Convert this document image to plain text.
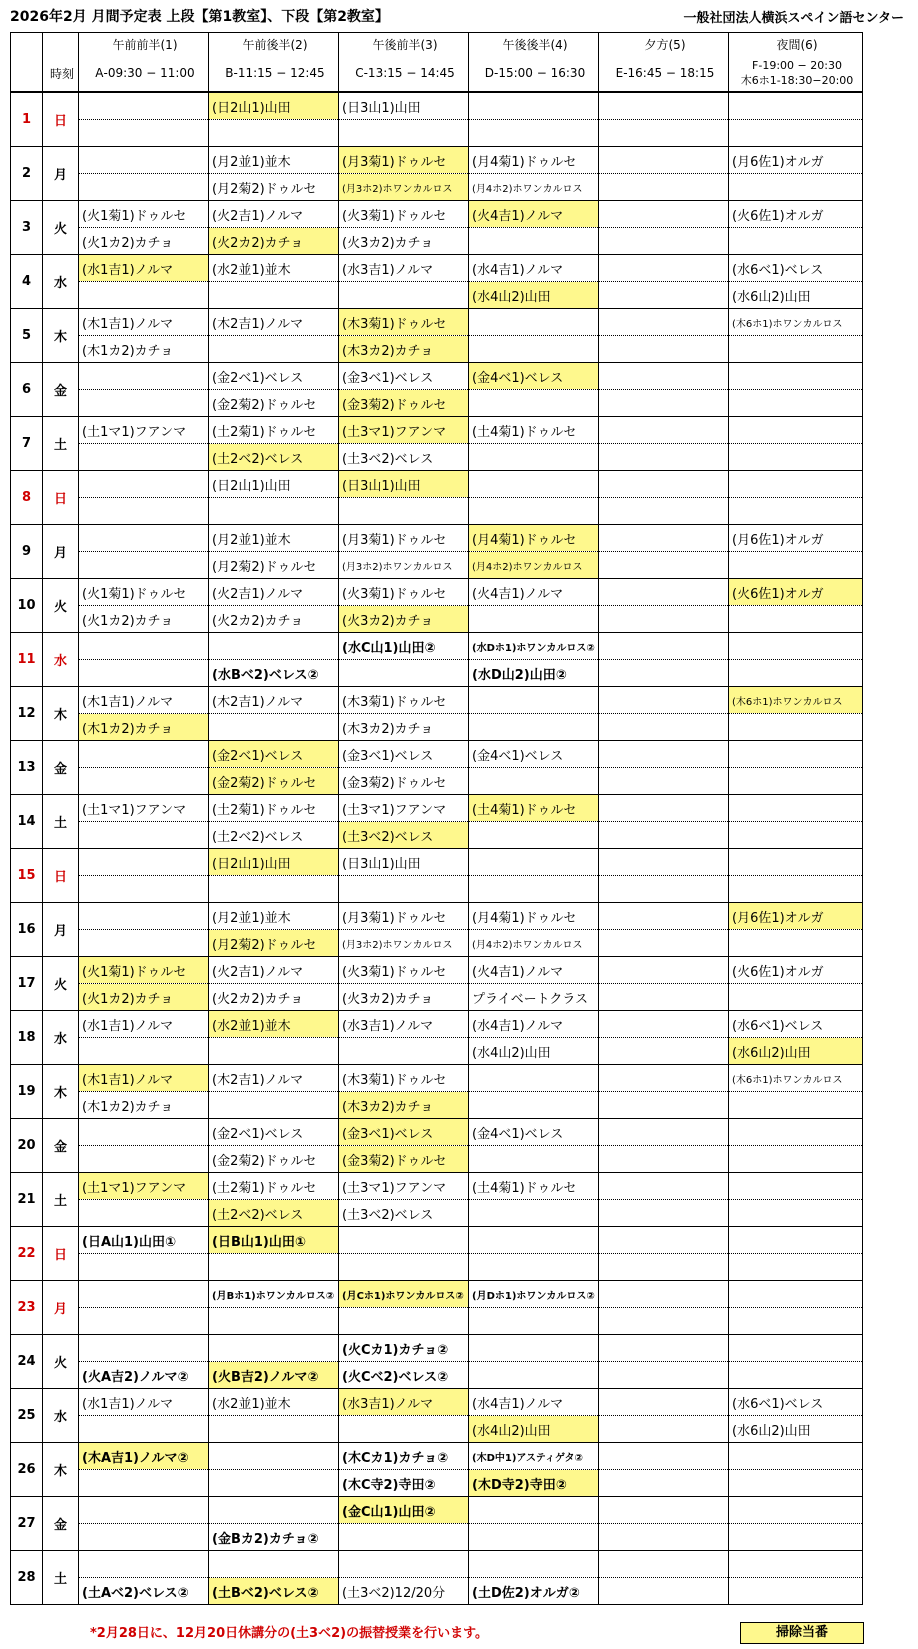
2026年2月 月間予定表 上段【第1教室】、下段【第2教室】	一般社団法人横浜スペイン語センター
		午前前半(1)	午前後半(2)	午後前半(3)	午後後半(4)	夕方(5)	夜間(6)
	時刻	A‐09:30 − 11:00	B‐11:15 − 12:45	C‐13:15 − 14:45	D‐15:00 − 16:30	E‐16:45 − 18:15	F‐19:00 − 20:30
木6ホ1‐18:30−20:00

1	日		(日2山1)山田	(日3山1)山田			

2	月		(月2並1)並木	(月3菊1)ドゥルセ	(月4菊1)ドゥルセ		(月6佐1)オルガ
			(月2菊2)ドゥルセ	(月3ホ2)ホワンカルロス	(月4ホ2)ホワンカルロス		
3	火	(火1菊1)ドゥルセ	(火2吉1)ノルマ	(火3菊1)ドゥルセ	(火4吉1)ノルマ		(火6佐1)オルガ
		(火1カ2)カチョ	(火2カ2)カチョ	(火3カ2)カチョ			
4	水	(水1吉1)ノルマ	(水2並1)並木	(水3吉1)ノルマ	(水4吉1)ノルマ		(水6ベ1)ベレス
					(水4山2)山田		(水6山2)山田
5	木	(木1吉1)ノルマ	(木2吉1)ノルマ	(木3菊1)ドゥルセ			(木6ホ1)ホワンカルロス
		(木1カ2)カチョ		(木3カ2)カチョ			
6	金		(金2ベ1)ベレス	(金3ベ1)ベレス	(金4ベ1)ベレス		
			(金2菊2)ドゥルセ	(金3菊2)ドゥルセ			
7	土	(土1マ1)フアンマ	(土2菊1)ドゥルセ	(土3マ1)フアンマ	(土4菊1)ドゥルセ		
			(土2ベ2)ベレス	(土3ベ2)ベレス			
8	日		(日2山1)山田	(日3山1)山田			

9	月		(月2並1)並木	(月3菊1)ドゥルセ	(月4菊1)ドゥルセ		(月6佐1)オルガ
			(月2菊2)ドゥルセ	(月3ホ2)ホワンカルロス	(月4ホ2)ホワンカルロス		
10	火	(火1菊1)ドゥルセ	(火2吉1)ノルマ	(火3菊1)ドゥルセ	(火4吉1)ノルマ		(火6佐1)オルガ
		(火1カ2)カチョ	(火2カ2)カチョ	(火3カ2)カチョ			
11	水			(水C山1)山田②	(水Dホ1)ホワンカルロス②		
			(水Bベ2)ベレス②		(水D山2)山田②		
12	木	(木1吉1)ノルマ	(木2吉1)ノルマ	(木3菊1)ドゥルセ			(木6ホ1)ホワンカルロス
		(木1カ2)カチョ		(木3カ2)カチョ			
13	金		(金2ベ1)ベレス	(金3ベ1)ベレス	(金4ベ1)ベレス		
			(金2菊2)ドゥルセ	(金3菊2)ドゥルセ			
14	土	(土1マ1)フアンマ	(土2菊1)ドゥルセ	(土3マ1)フアンマ	(土4菊1)ドゥルセ		
			(土2ベ2)ベレス	(土3ベ2)ベレス			
15	日		(日2山1)山田	(日3山1)山田			

16	月		(月2並1)並木	(月3菊1)ドゥルセ	(月4菊1)ドゥルセ		(月6佐1)オルガ
			(月2菊2)ドゥルセ	(月3ホ2)ホワンカルロス	(月4ホ2)ホワンカルロス		
17	火	(火1菊1)ドゥルセ	(火2吉1)ノルマ	(火3菊1)ドゥルセ	(火4吉1)ノルマ		(火6佐1)オルガ
		(火1カ2)カチョ	(火2カ2)カチョ	(火3カ2)カチョ	プライベートクラス		
18	水	(水1吉1)ノルマ	(水2並1)並木	(水3吉1)ノルマ	(水4吉1)ノルマ		(水6ベ1)ベレス
					(水4山2)山田		(水6山2)山田
19	木	(木1吉1)ノルマ	(木2吉1)ノルマ	(木3菊1)ドゥルセ			(木6ホ1)ホワンカルロス
		(木1カ2)カチョ		(木3カ2)カチョ			
20	金		(金2ベ1)ベレス	(金3ベ1)ベレス	(金4ベ1)ベレス		
			(金2菊2)ドゥルセ	(金3菊2)ドゥルセ			
21	土	(土1マ1)フアンマ	(土2菊1)ドゥルセ	(土3マ1)フアンマ	(土4菊1)ドゥルセ		
			(土2ベ2)ベレス	(土3ベ2)ベレス			
22	日	(日A山1)山田①	(日B山1)山田①				

23	月		(月Bホ1)ホワンカルロス②	(月Cホ1)ホワンカルロス②	(月Dホ1)ホワンカルロス②		

24	火			(火Cカ1)カチョ②			
		(火A吉2)ノルマ②	(火B吉2)ノルマ②	(火Cベ2)ベレス②			
25	水	(水1吉1)ノルマ	(水2並1)並木	(水3吉1)ノルマ	(水4吉1)ノルマ		(水6ベ1)ベレス
					(水4山2)山田		(水6山2)山田
26	木	(木A吉1)ノルマ②		(木Cカ1)カチョ②	(木D中1)アスティゲタ②		
				(木C寺2)寺田②	(木D寺2)寺田②		
27	金			(金C山1)山田②			
			(金Bカ2)カチョ②				
28	土						
		(土Aベ2)ベレス②	(土Bベ2)ベレス②	(土3ベ2)12/20分	(土D佐2)オルガ②		
*2月28日に、12月20日休講分の(土3ベ2)の振替授業を行います。	掃除当番
